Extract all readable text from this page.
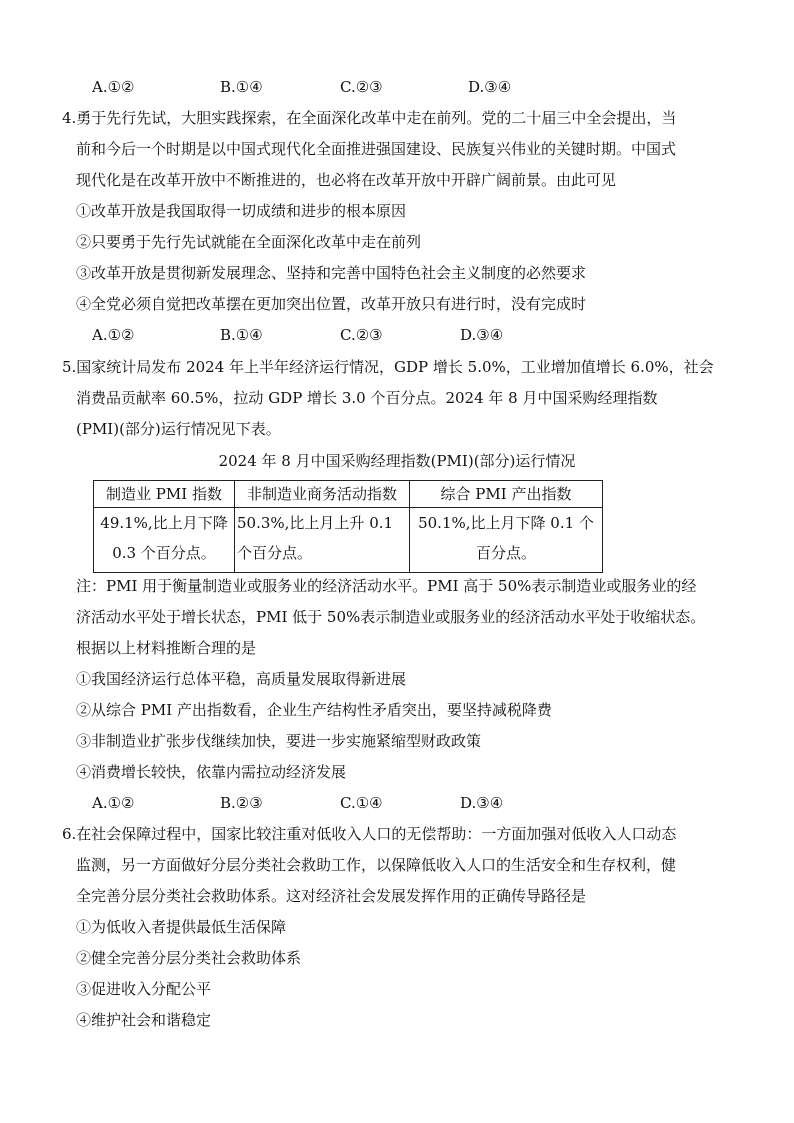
A.①②	B.①④	C.②③	D.③④
4.勇于先行先试，大胆实践探索，在全面深化改革中走在前列。党的二十届三中全会提出，当
前和今后一个时期是以中国式现代化全面推进强国建设、民族复兴伟业的关键时期。中国式
现代化是在改革开放中不断推进的，也必将在改革开放中开辟广阔前景。由此可见
①改革开放是我国取得一切成绩和进步的根本原因
②只要勇于先行先试就能在全面深化改革中走在前列
③改革开放是贯彻新发展理念、坚持和完善中国特色社会主义制度的必然要求
④全党必须自觉把改革摆在更加突出位置，改革开放只有进行时，没有完成时
A.①②	B.①④	C.②③	D.③④
5.国家统计局发布 2024 年上半年经济运行情况，GDP 增长 5.0%，工业增加值增长 6.0%，社会
消费品贡献率 60.5%，拉动 GDP 增长 3.0 个百分点。2024 年 8 月中国采购经理指数
(PMI)(部分)运行情况见下表。
2024 年 8 月中国采购经理指数(PMI)(部分)运行情况
制造业 PMI 指数	非制造业商务活动指数	综合 PMI 产出指数
49.1%,比上月下降 0.3 个百分点。	50.3%,比上月上升 0.1 个百分点。	50.1%,比上月下降 0.1 个百分点。
注：PMI 用于衡量制造业或服务业的经济活动水平。PMI 高于 50%表示制造业或服务业的经
济活动水平处于增长状态，PMI 低于 50%表示制造业或服务业的经济活动水平处于收缩状态。
根据以上材料推断合理的是
①我国经济运行总体平稳，高质量发展取得新进展
②从综合 PMI 产出指数看，企业生产结构性矛盾突出，要坚持减税降费
③非制造业扩张步伐继续加快，要进一步实施紧缩型财政政策
④消费增长较快，依靠内需拉动经济发展
A.①②	B.②③	C.①④	D.③④
6.在社会保障过程中，国家比较注重对低收入人口的无偿帮助：一方面加强对低收入人口动态
监测，另一方面做好分层分类社会救助工作，以保障低收入人口的生活安全和生存权利，健
全完善分层分类社会救助体系。这对经济社会发展发挥作用的正确传导路径是
①为低收入者提供最低生活保障
②健全完善分层分类社会救助体系
③促进收入分配公平
④维护社会和谐稳定
